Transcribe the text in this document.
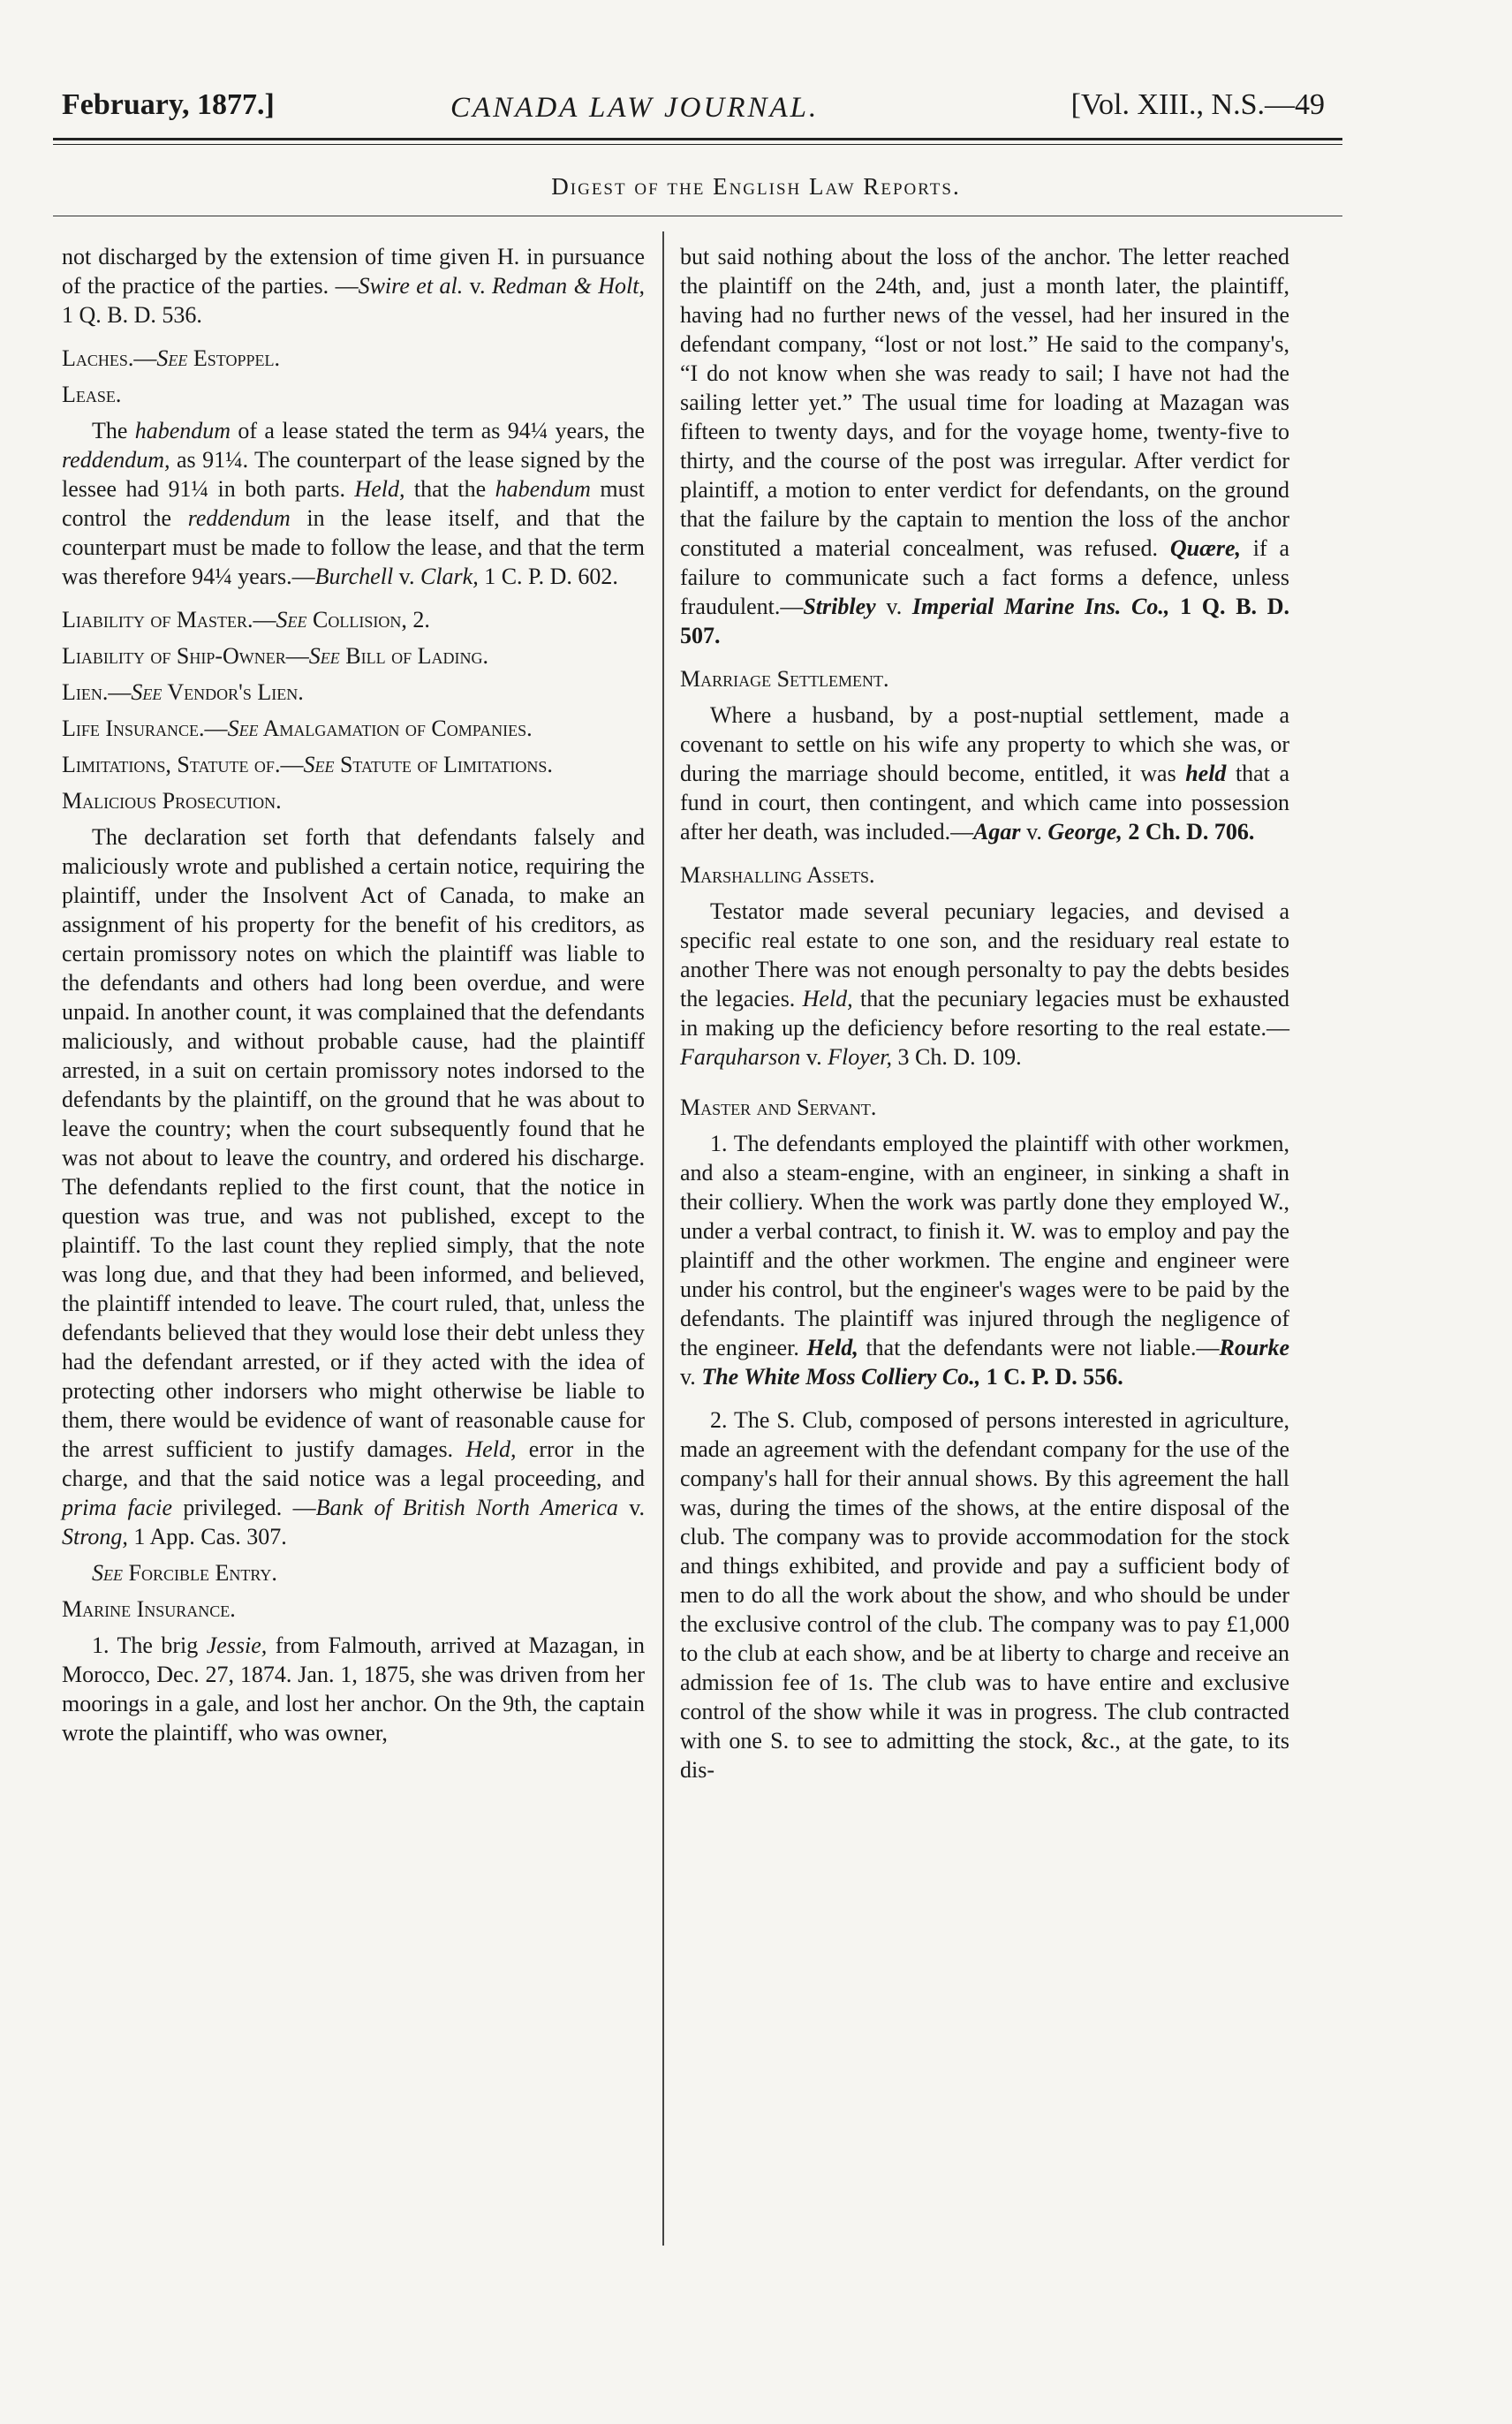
February, 1877.]	CANADA LAW JOURNAL.	[Vol. XIII., N.S.—49
Digest of the English Law Reports.

not discharged by the extension of time given H. in pursuance of the practice of the parties. —Swire et al. v. Redman & Holt, 1 Q. B. D. 536.

Laches.—See Estoppel.

Lease.

The habendum of a lease stated the term as 94¼ years, the reddendum, as 91¼. The counterpart of the lease signed by the lessee had 91¼ in both parts. Held, that the habendum must control the reddendum in the lease itself, and that the counterpart must be made to follow the lease, and that the term was therefore 94¼ years.—Burchell v. Clark, 1 C. P. D. 602.

Liability of Master.—See Collision, 2.

Liability of Ship-Owner—See Bill of Lading.

Lien.—See Vendor's Lien.

Life Insurance.—See Amalgamation of Companies.

Limitations, Statute of.—See Statute of Limitations.

Malicious Prosecution.

The declaration set forth that defendants falsely and maliciously wrote and published a certain notice, requiring the plaintiff, under the Insolvent Act of Canada, to make an assignment of his property for the benefit of his creditors, as certain promissory notes on which the plaintiff was liable to the defendants and others had long been overdue, and were unpaid. In another count, it was complained that the defendants maliciously, and without probable cause, had the plaintiff arrested, in a suit on certain promissory notes indorsed to the defendants by the plaintiff, on the ground that he was about to leave the country; when the court subsequently found that he was not about to leave the country, and ordered his discharge. The defendants replied to the first count, that the notice in question was true, and was not published, except to the plaintiff. To the last count they replied simply, that the note was long due, and that they had been informed, and believed, the plaintiff intended to leave. The court ruled, that, unless the defendants believed that they would lose their debt unless they had the defendant arrested, or if they acted with the idea of protecting other indorsers who might otherwise be liable to them, there would be evidence of want of reasonable cause for the arrest sufficient to justify damages. Held, error in the charge, and that the said notice was a legal proceeding, and prima facie privileged. —Bank of British North America v. Strong, 1 App. Cas. 307.

See Forcible Entry.

Marine Insurance.

1. The brig Jessie, from Falmouth, arrived at Mazagan, in Morocco, Dec. 27, 1874. Jan. 1, 1875, she was driven from her moorings in a gale, and lost her anchor. On the 9th, the captain wrote the plaintiff, who was owner,

but said nothing about the loss of the anchor. The letter reached the plaintiff on the 24th, and, just a month later, the plaintiff, having had no further news of the vessel, had her insured in the defendant company, “lost or not lost.” He said to the company's, “I do not know when she was ready to sail; I have not had the sailing letter yet.” The usual time for loading at Mazagan was fifteen to twenty days, and for the voyage home, twenty-five to thirty, and the course of the post was irregular. After verdict for plaintiff, a motion to enter verdict for defendants, on the ground that the failure by the captain to mention the loss of the anchor constituted a material concealment, was refused. Quære, if a failure to communicate such a fact forms a defence, unless fraudulent.—Stribley v. Imperial Marine Ins. Co., 1 Q. B. D. 507.

Marriage Settlement.

Where a husband, by a post-nuptial settlement, made a covenant to settle on his wife any property to which she was, or during the marriage should become, entitled, it was held that a fund in court, then contingent, and which came into possession after her death, was included.—Agar v. George, 2 Ch. D. 706.

Marshalling Assets.

Testator made several pecuniary legacies, and devised a specific real estate to one son, and the residuary real estate to another There was not enough personalty to pay the debts besides the legacies. Held, that the pecuniary legacies must be exhausted in making up the deficiency before resorting to the real estate.—Farquharson v. Floyer, 3 Ch. D. 109.

Master and Servant.

1. The defendants employed the plaintiff with other workmen, and also a steam-engine, with an engineer, in sinking a shaft in their colliery. When the work was partly done they employed W., under a verbal contract, to finish it. W. was to employ and pay the plaintiff and the other workmen. The engine and engineer were under his control, but the engineer's wages were to be paid by the defendants. The plaintiff was injured through the negligence of the engineer. Held, that the defendants were not liable.—Rourke v. The White Moss Colliery Co., 1 C. P. D. 556.

2. The S. Club, composed of persons interested in agriculture, made an agreement with the defendant company for the use of the company's hall for their annual shows. By this agreement the hall was, during the times of the shows, at the entire disposal of the club. The company was to provide accommodation for the stock and things exhibited, and provide and pay a sufficient body of men to do all the work about the show, and who should be under the exclusive control of the club. The company was to pay £1,000 to the club at each show, and be at liberty to charge and receive an admission fee of 1s. The club was to have entire and exclusive control of the show while it was in progress. The club contracted with one S. to see to admitting the stock, &c., at the gate, to its dis-
